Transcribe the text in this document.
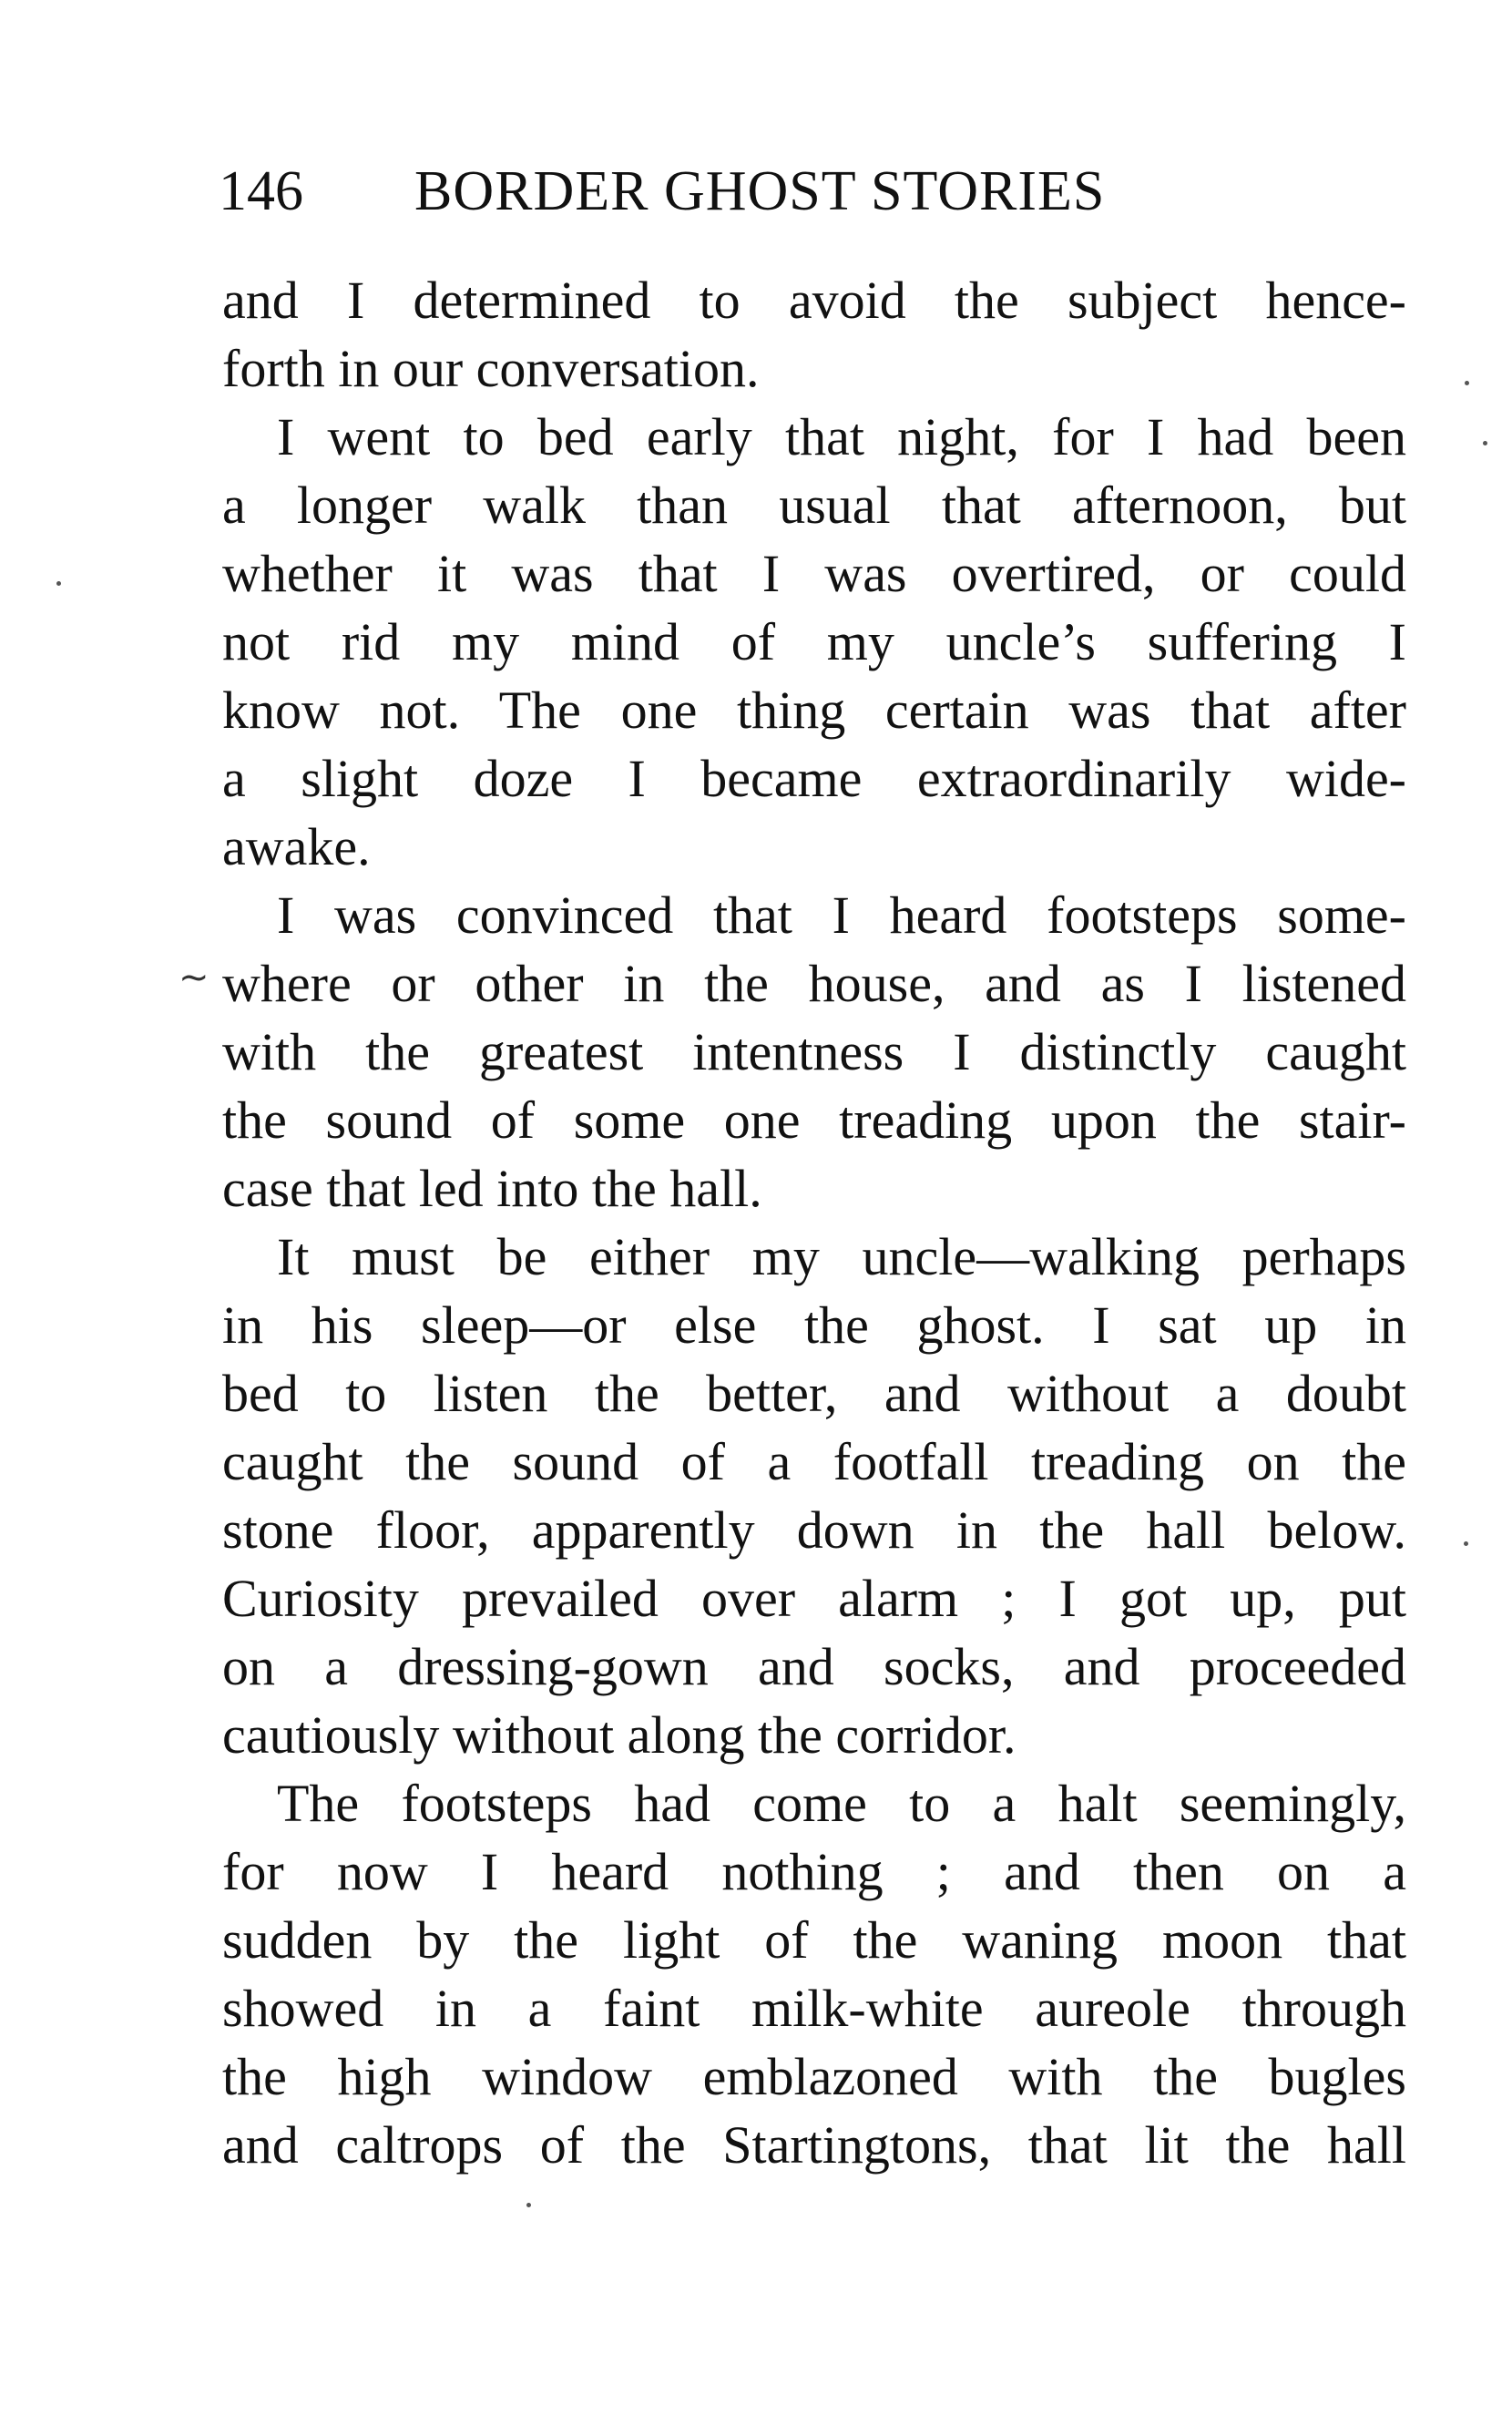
146 BORDER GHOST STORIES
and I determined to avoid the subject hence-
forth in our conversation.
I went to bed early that night, for I had been
a longer walk than usual that afternoon, but
whether it was that I was overtired, or could
not rid my mind of my uncle’s suffering I
know not. The one thing certain was that after
a slight doze I became extraordinarily wide-
awake.
I was convinced that I heard footsteps some-
where or other in the house, and as I listened
with the greatest intentness I distinctly caught
the sound of some one treading upon the stair-
case that led into the hall.
It must be either my uncle—walking perhaps
in his sleep—or else the ghost. I sat up in
bed to listen the better, and without a doubt
caught the sound of a footfall treading on the
stone floor, apparently down in the hall below.
Curiosity prevailed over alarm ; I got up, put
on a dressing-gown and socks, and proceeded
cautiously without along the corridor.
The footsteps had come to a halt seemingly,
for now I heard nothing ; and then on a
sudden by the light of the waning moon that
showed in a faint milk-white aureole through
the high window emblazoned with the bugles
and caltrops of the Startingtons, that lit the hall
~
